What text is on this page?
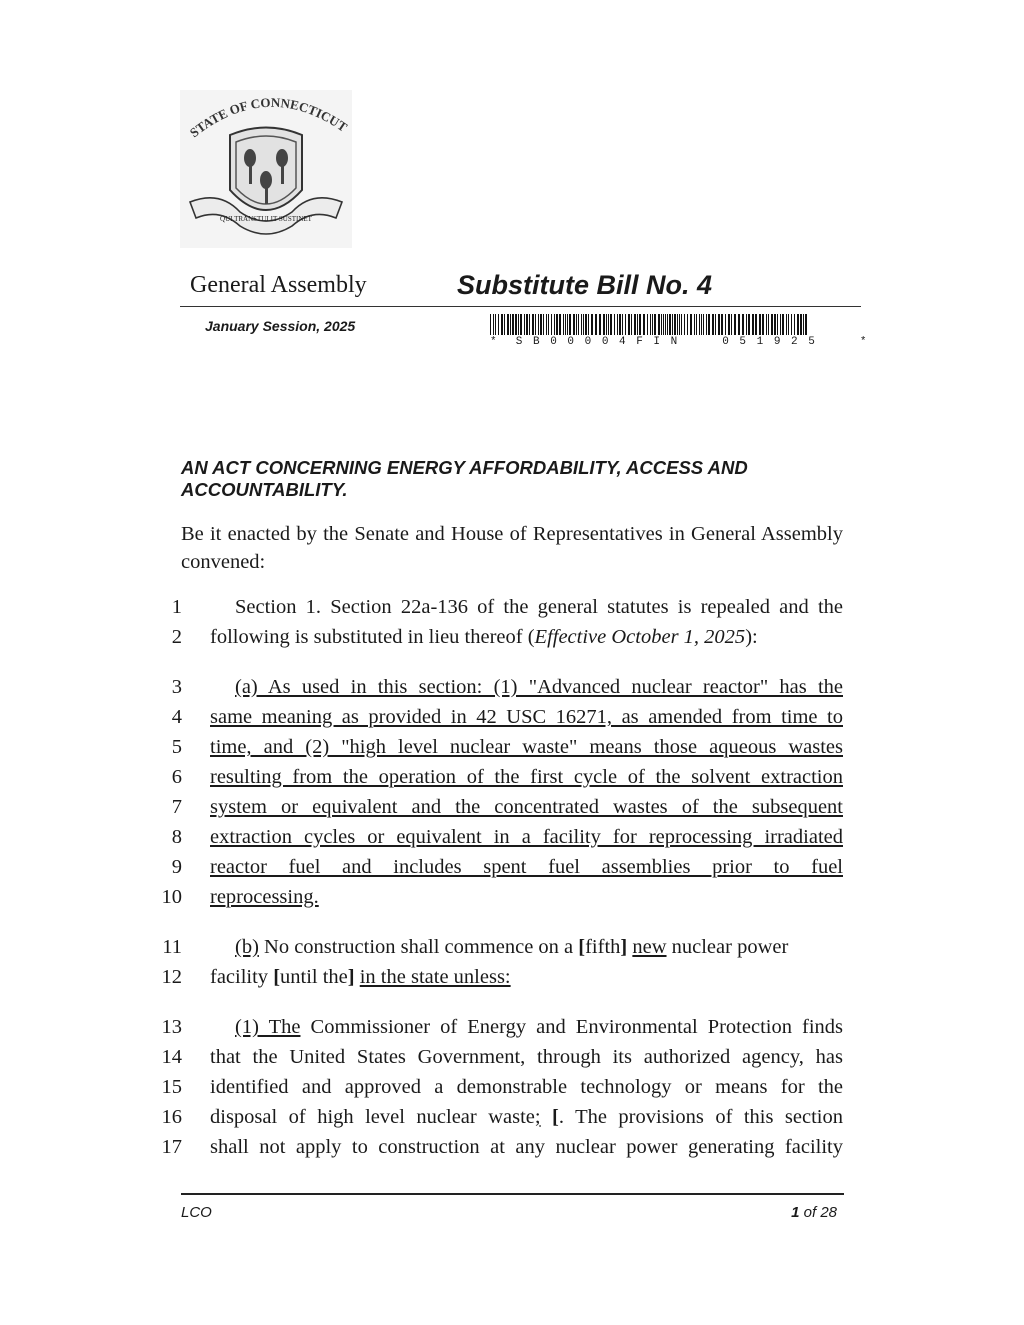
STATE OF CONNECTICUT
QUI TRANSTULIT SUSTINET
General Assembly	Substitute Bill No. 4
January Session, 2025
*  S B 0 0 0 0 4 F I N     0 5 1 9 2 5     *
AN ACT CONCERNING ENERGY AFFORDABILITY, ACCESS AND ACCOUNTABILITY.
Be it enacted by the Senate and House of Representatives in General Assembly convened:
1
2
3
4
5
6
7
8
9
10
11
12
13
14
15
16
17
Section 1. Section 22a-136 of the general statutes is repealed and the
following is substituted in lieu thereof (Effective October 1, 2025):
(a) As used in this section: (1) "Advanced nuclear reactor" has the
same meaning as provided in 42 USC 16271, as amended from time to
time, and (2) "high level nuclear waste" means those aqueous wastes
resulting from the operation of the first cycle of the solvent extraction
system or equivalent and the concentrated wastes of the subsequent
extraction cycles or equivalent in a facility for reprocessing irradiated
reactor fuel and includes spent fuel assemblies prior to fuel
reprocessing.
(b) No construction shall commence on a [fifth] new nuclear power
facility [until the] in the state unless:
(1) The Commissioner of Energy and Environmental Protection finds
that the United States Government, through its authorized agency, has
identified and approved a demonstrable technology or means for the
disposal of high level nuclear waste; [. The provisions of this section
shall not apply to construction at any nuclear power generating facility
LCO	1 of 28
